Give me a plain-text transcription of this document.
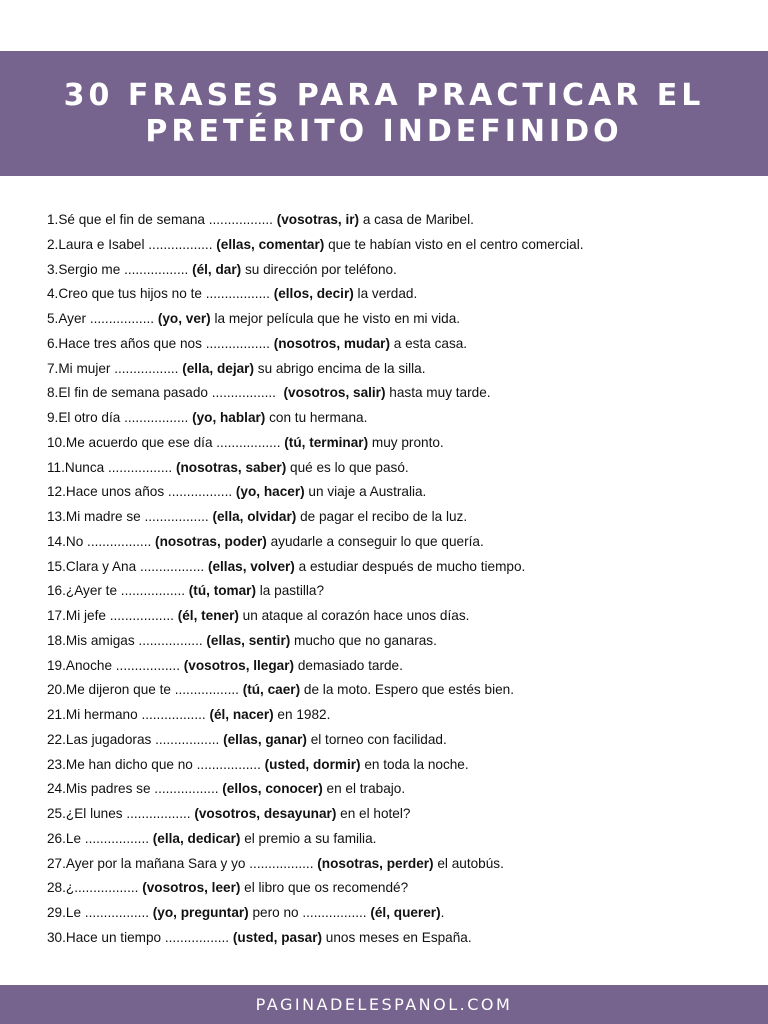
30 FRASES PARA PRACTICAR EL
PRETÉRITO INDEFINIDO
1.Sé que el fin de semana ................. (vosotras, ir) a casa de Maribel.
2.Laura e Isabel ................. (ellas, comentar) que te habían visto en el centro comercial.
3.Sergio me ................. (él, dar) su dirección por teléfono.
4.Creo que tus hijos no te ................. (ellos, decir) la verdad.
5.Ayer ................. (yo, ver) la mejor película que he visto en mi vida.
6.Hace tres años que nos ................. (nosotros, mudar) a esta casa.
7.Mi mujer ................. (ella, dejar) su abrigo encima de la silla.
8.El fin de semana pasado .................  (vosotros, salir) hasta muy tarde.
9.El otro día ................. (yo, hablar) con tu hermana.
10.Me acuerdo que ese día ................. (tú, terminar) muy pronto.
11.Nunca ................. (nosotras, saber) qué es lo que pasó.
12.Hace unos años ................. (yo, hacer) un viaje a Australia.
13.Mi madre se ................. (ella, olvidar) de pagar el recibo de la luz.
14.No ................. (nosotras, poder) ayudarle a conseguir lo que quería.
15.Clara y Ana ................. (ellas, volver) a estudiar después de mucho tiempo.
16.¿Ayer te ................. (tú, tomar) la pastilla?
17.Mi jefe ................. (él, tener) un ataque al corazón hace unos días.
18.Mis amigas ................. (ellas, sentir) mucho que no ganaras.
19.Anoche ................. (vosotros, llegar) demasiado tarde.
20.Me dijeron que te ................. (tú, caer) de la moto. Espero que estés bien.
21.Mi hermano ................. (él, nacer) en 1982.
22.Las jugadoras ................. (ellas, ganar) el torneo con facilidad.
23.Me han dicho que no ................. (usted, dormir) en toda la noche.
24.Mis padres se ................. (ellos, conocer) en el trabajo.
25.¿El lunes ................. (vosotros, desayunar) en el hotel?
26.Le ................. (ella, dedicar) el premio a su familia.
27.Ayer por la mañana Sara y yo ................. (nosotras, perder) el autobús.
28.¿................. (vosotros, leer) el libro que os recomendé?
29.Le ................. (yo, preguntar) pero no ................. (él, querer).
30.Hace un tiempo ................. (usted, pasar) unos meses en España.
PAGINADELESPANOL.COM
